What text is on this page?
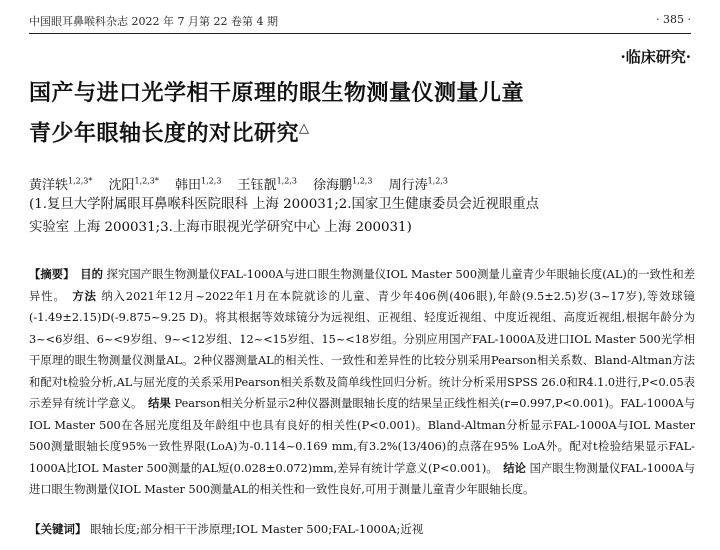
中国眼耳鼻喉科杂志 2022 年 7 月第 22 卷第 4 期	· 385 ·
·临床研究·
国产与进口光学相干原理的眼生物测量仪测量儿童
青少年眼轴长度的对比研究△
黄洋轶$^{1,2,3*}$ 沈阳$^{1,2,3*}$ 韩田$^{1,2,3}$ 王钰靓$^{1,2,3}$ 徐海鹏$^{1,2,3}$ 周行涛$^{1,2,3}$
(1.复旦大学附属眼耳鼻喉科医院眼科 上海 200031;2.国家卫生健康委员会近视眼重点
实验室 上海 200031;3.上海市眼视光学研究中心 上海 200031)
【摘要】 目的 探究国产眼生物测量仪FAL-1000A与进口眼生物测量仪IOL Master 500测量儿童青少年眼轴长度(AL)的一致性和差异性。 方法 纳入2021年12月~2022年1月在本院就诊的儿童、青少年406例(406眼),年龄(9.5±2.5)岁(3~17岁),等效球镜(-1.49±2.15)D(-9.875~9.25 D)。将其根据等效球镜分为远视组、正视组、轻度近视组、中度近视组、高度近视组,根据年龄分为3~<6岁组、6~<9岁组、9~<12岁组、12~<15岁组、15~<18岁组。分别应用国产FAL-1000A及进口IOL Master 500光学相干原理的眼生物测量仪测量AL。2种仪器测量AL的相关性、一致性和差异性的比较分别采用Pearson相关系数、Bland-Altman方法和配对t检验分析,AL与屈光度的关系采用Pearson相关系数及简单线性回归分析。统计分析采用SPSS 26.0和R4.1.0进行,P<0.05表示差异有统计学意义。 结果 Pearson相关分析显示2种仪器测量眼轴长度的结果呈正线性相关(r=0.997,P<0.001)。FAL-1000A与IOL Master 500在各屈光度组及年龄组中也具有良好的相关性(P<0.001)。Bland-Altman分析显示FAL-1000A与IOL Master 500测量眼轴长度95%一致性界限(LoA)为-0.114~0.169 mm,有3.2%(13/406)的点落在95% LoA外。配对t检验结果显示FAL-1000A比IOL Master 500测量的AL短(0.028±0.072)mm,差异有统计学意义(P<0.001)。 结论 国产眼生物测量仪FAL-1000A与进口眼生物测量仪IOL Master 500测量AL的相关性和一致性良好,可用于测量儿童青少年眼轴长度。
【关键词】 眼轴长度;部分相干干涉原理;IOL Master 500;FAL-1000A;近视
